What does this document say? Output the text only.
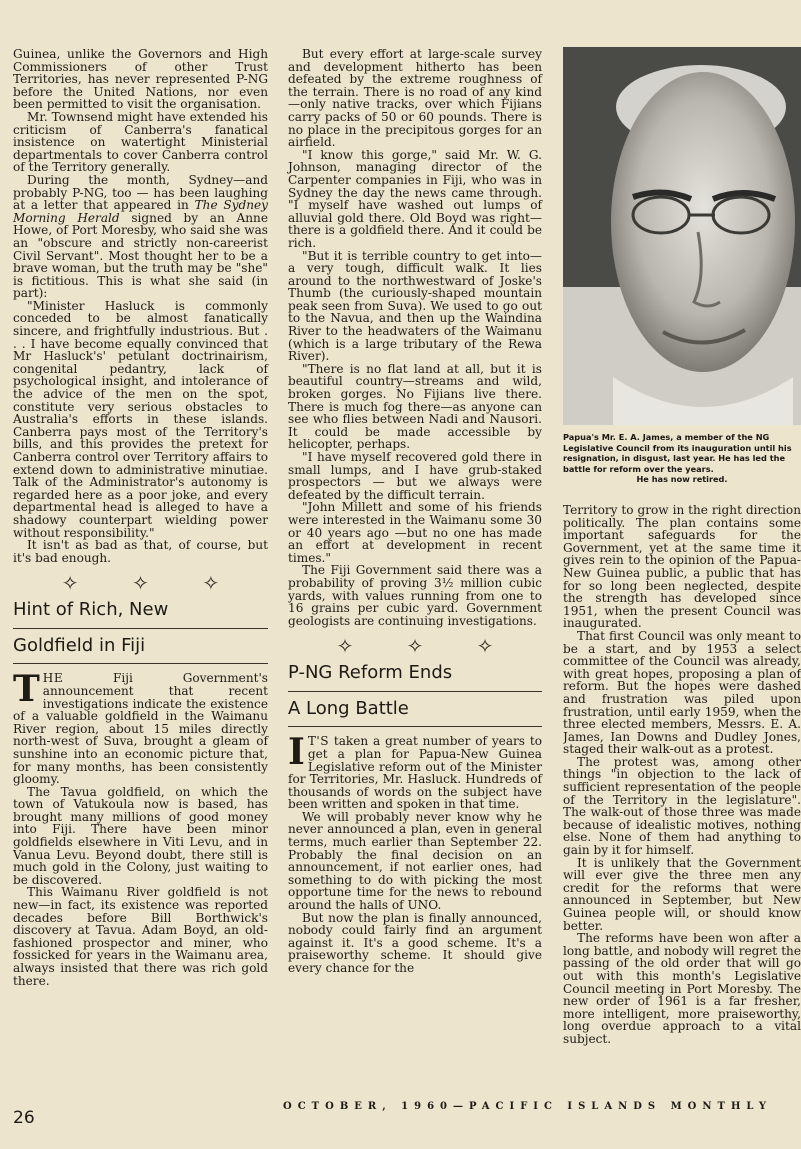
Guinea, unlike the Governors and High Commissioners of other Trust Territories, has never represented P-NG before the United Nations, nor even been permitted to visit the organisation.

Mr. Townsend might have extended his criticism of Canberra's fanatical insistence on watertight Ministerial departmentals to cover Canberra control of the Territory generally.

During the month, Sydney—and probably P-NG, too — has been laughing at a letter that appeared in The Sydney Morning Herald signed by an Anne Howe, of Port Moresby, who said she was an "obscure and strictly non-careerist Civil Servant". Most thought her to be a brave woman, but the truth may be "she" is fictitious. This is what she said (in part):

"Minister Hasluck is commonly conceded to be almost fanatically sincere, and frightfully industrious. But . . . I have become equally convinced that Mr Hasluck's' petulant doctrinairism, congenital pedantry, lack of psychological insight, and intolerance of the advice of the men on the spot, constitute very serious obstacles to Australia's efforts in these islands. Canberra pays most of the Territory's bills, and this provides the pretext for Canberra control over Territory affairs to extend down to administrative minutiae. Talk of the Administrator's autonomy is regarded here as a poor joke, and every departmental head is alleged to have a shadowy counterpart wielding power without responsibility."

It isn't as bad as that, of course, but it's bad enough.

✧	✧	✧
Hint of Rich, New
Goldfield in Fiji

THE Fiji Government's announcement that recent investigations indicate the existence of a valuable goldfield in the Waimanu River region, about 15 miles directly north-west of Suva, brought a gleam of sunshine into an economic picture that, for many months, has been consistently gloomy.

The Tavua goldfield, on which the town of Vatukoula now is based, has brought many millions of good money into Fiji. There have been minor goldfields elsewhere in Viti Levu, and in Vanua Levu. Beyond doubt, there still is much gold in the Colony, just waiting to be discovered.

This Waimanu River goldfield is not new—in fact, its existence was reported decades before Bill Borthwick's discovery at Tavua. Adam Boyd, an old-fashioned prospector and miner, who fossicked for years in the Waimanu area, always insisted that there was rich gold there.

But every effort at large-scale survey and development hitherto has been defeated by the extreme roughness of the terrain. There is no road of any kind—only native tracks, over which Fijians carry packs of 50 or 60 pounds. There is no place in the precipitous gorges for an airfield.

"I know this gorge," said Mr. W. G. Johnson, managing director of the Carpenter companies in Fiji, who was in Sydney the day the news came through. "I myself have washed out lumps of alluvial gold there. Old Boyd was right—there is a goldfield there. And it could be rich.

"But it is terrible country to get into—a very tough, difficult walk. It lies around to the northwestward of Joske's Thumb (the curiously-shaped mountain peak seen from Suva). We used to go out to the Navua, and then up the Waindina River to the headwaters of the Waimanu (which is a large tributary of the Rewa River).

"There is no flat land at all, but it is beautiful country—streams and wild, broken gorges. No Fijians live there. There is much fog there—as anyone can see who flies between Nadi and Nausori. It could be made accessible by helicopter, perhaps.

"I have myself recovered gold there in small lumps, and I have grub-staked prospectors — but we always were defeated by the difficult terrain.

"John Millett and some of his friends were interested in the Waimanu some 30 or 40 years ago —but no one has made an effort at development in recent times."

The Fiji Government said there was a probability of proving 3½ million cubic yards, with values running from one to 16 grains per cubic yard. Government geologists are continuing investigations.

✧	✧	✧
P-NG Reform Ends
A Long Battle

I T'S taken a great number of years to get a plan for Papua-New Guinea Legislative reform out of the Minister for Territories, Mr. Hasluck. Hundreds of thousands of words on the subject have been written and spoken in that time.

We will probably never know why he never announced a plan, even in general terms, much earlier than September 22. Probably the final decision on an announcement, if not earlier ones, had something to do with picking the most opportune time for the news to rebound around the halls of UNO.

But now the plan is finally announced, nobody could fairly find an argument against it. It's a good scheme. It's a praiseworthy scheme. It should give every chance for the

Papua's Mr. E. A. James, a member of the NG Legislative Council from its inauguration until his resignation, in disgust, last year. He has led the battle for reform over the years.
He has now retired.

Territory to grow in the right direction politically. The plan contains some important safeguards for the Government, yet at the same time it gives rein to the opinion of the Papua-New Guinea public, a public that has for so long been neglected, despite the strength has developed since 1951, when the present Council was inaugurated.

That first Council was only meant to be a start, and by 1953 a select committee of the Council was already, with great hopes, proposing a plan of reform. But the hopes were dashed and frustration was piled upon frustration, until early 1959, when the three elected members, Messrs. E. A. James, Ian Downs and Dudley Jones, staged their walk-out as a protest.

The protest was, among other things "in objection to the lack of sufficient representation of the people of the Territory in the legislature". The walk-out of those three was made because of idealistic motives, nothing else. None of them had anything to gain by it for himself.

It is unlikely that the Government will ever give the three men any credit for the reforms that were announced in September, but New Guinea people will, or should know better.

The reforms have been won after a long battle, and nobody will regret the passing of the old order that will go out with this month's Legislative Council meeting in Port Moresby. The new order of 1961 is a far fresher, more intelligent, more praiseworthy, long overdue approach to a vital subject.

26
OCTOBER, 1960—PACIFIC ISLANDS MONTHLY
